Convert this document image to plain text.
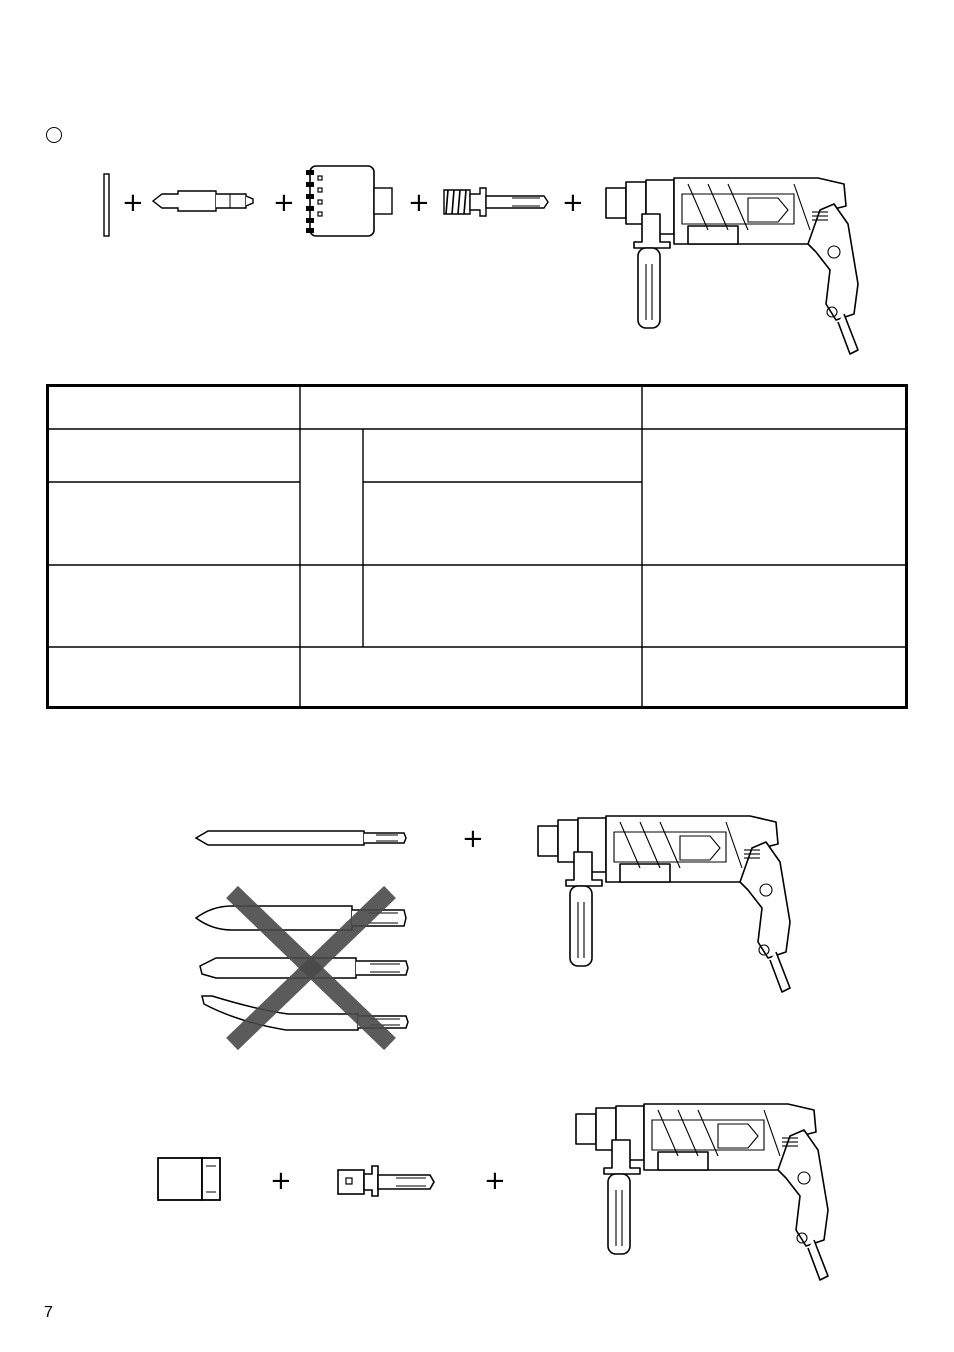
+	+	+	+
+
+	+
7
